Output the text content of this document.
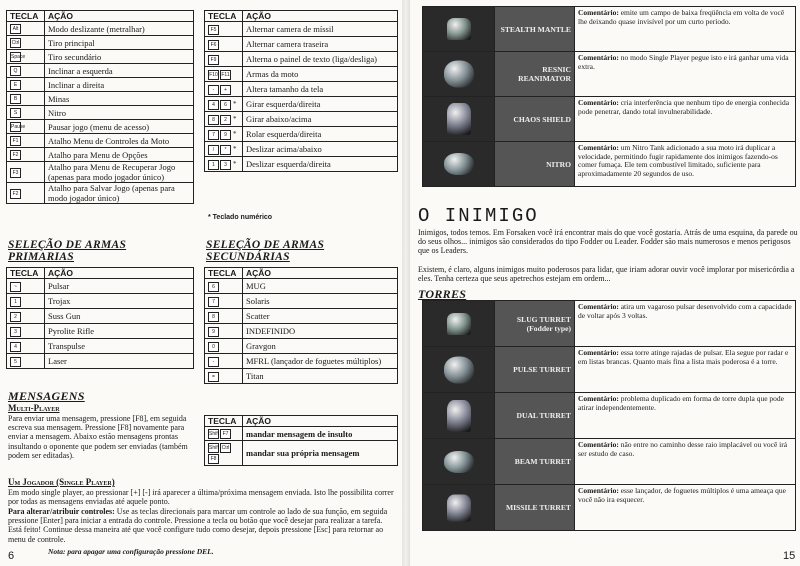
TECLA	AÇÃO
Alt	Modo deslizante (metralhar)
Ctrl	Tiro principal
Space	Tiro secundário
Q	Inclinar a esquerda
E	Inclinar a direita
B	Minas
S	Nitro
Pause	Pausar jogo (menu de acesso)
F1	Atalho Menu de Controles da Moto
F2	Atalho para Menu de Opções
F3	Atalho para Menu de Recuperar Jogo (apenas para modo jogador único)
F2	Atalho para Salvar Jogo (apenas para modo jogador único)
TECLA	AÇÃO
F5	Alternar camera de míssil
F6	Alternar camera traseira
F9	Alterna o painel de texto (liga/desliga)
F10 F11	Armas da moto
- +	Altera tamanho da tela
4 6 *	Girar esquerda/direita
8 2 *	Girar abaixo/acima
7 9 *	Rolar esquerda/direita
/ * *	Deslizar acima/abaixo
1 3 *	Deslizar esquerda/direita
* Teclado numérico
SELEÇÃO DE ARMAS
PRIMARIAS
TECLA	AÇÃO
~	Pulsar
1	Trojax
2	Suss Gun
3	Pyrolite Rifle
4	Transpulse
5	Laser
SELEÇÃO DE ARMAS
SECUNDÁRIAS
TECLA	AÇÃO
6	MUG
7	Solaris
8	Scatter
9	INDEFINIDO
0	Gravgon
-	MFRL (lançador de foguetes múltiplos)
=	Titan
MENSAGENS
Multi-Player
Para enviar uma mensagem, pressione [F8], em seguida escreva sua mensagem. Pressione [F8] novamente para enviar a mensagem. Abaixo estão mensagens prontas insultando o oponente que podem ser enviadas (também podem ser editadas).
TECLA	AÇÃO
Shift F7	mandar mensagem de insulto
Shift CtrlF8	mandar sua própria mensagem
Um Jogador (Single Player)
Em modo single player, ao pressionar [+] [-] irá aparecer a última/próxima mensagem enviada. Isto lhe possibilita correr por todas as mensagens enviadas até aquele ponto.
Para alterar/atribuir controles: Use as teclas direcionais para marcar um controle ao lado de sua função, em seguida pressione [Enter] para iniciar a entrada do controle. Pressione a tecla ou botão que você desejar para realizar a tarefa. Está feito! Continue dessa maneira até que você configure tudo como desejar, depois pressione [Esc] para retornar ao menu de controle.
Nota: para apagar uma configuração pressione DEL.
6
	STEALTH MANTLE	Comentário: emite um campo de baixa freqüência em volta de você lhe deixando quase invisível por um curto período.

	RESNIC REANIMATOR	Comentário: no modo Single Player pegue isto e irá ganhar uma vida extra.

	CHAOS SHIELD	Comentário: cria interferência que nenhum tipo de energia conhecida pode penetrar, dando total invulnerabilidade.

	NITRO	Comentário: um Nitro Tank adicionado a sua moto irá duplicar a velocidade, permitindo fugir rapidamente dos inimigos fazendo-os comer fumaça. Ele tem combustível limitado, suficiente para aproximadamente 20 segundos de uso.
O INIMIGO
Inimigos, todos temos. Em Forsaken você irá encontrar mais do que você gostaria. Atrás de uma esquina, da parede ou do seus olhos... inimigos são considerados do tipo Fodder ou Leader. Fodder são mais numerosos e menos perigosos que os Leaders.
Existem, é claro, alguns inimigos muito poderosos para lidar, que iriam adorar ouvir você implorar por misericórdia a eles. Tenha certeza que seus apetrechos estejam em ordem...
TORRES
	SLUG TURRET (Fodder type)	Comentário: atira um vagaroso pulsar desenvolvido com a capacidade de voltar após 3 voltas.

	PULSE TURRET	Comentário: essa torre atinge rajadas de pulsar. Ela segue por radar e em listas brancas. Quanto mais fina a lista mais poderosa é a torre.

	DUAL TURRET	Comentário: problema duplicado em forma de torre dupla que pode atirar independentemente.

	BEAM TURRET	Comentário: não entre no caminho desse raio implacável ou você irá ser estudo de caso.

	MISSILE TURRET	Comentário: esse lançador, de foguetes múltiplos é uma ameaça que você não ira esquecer.
15
